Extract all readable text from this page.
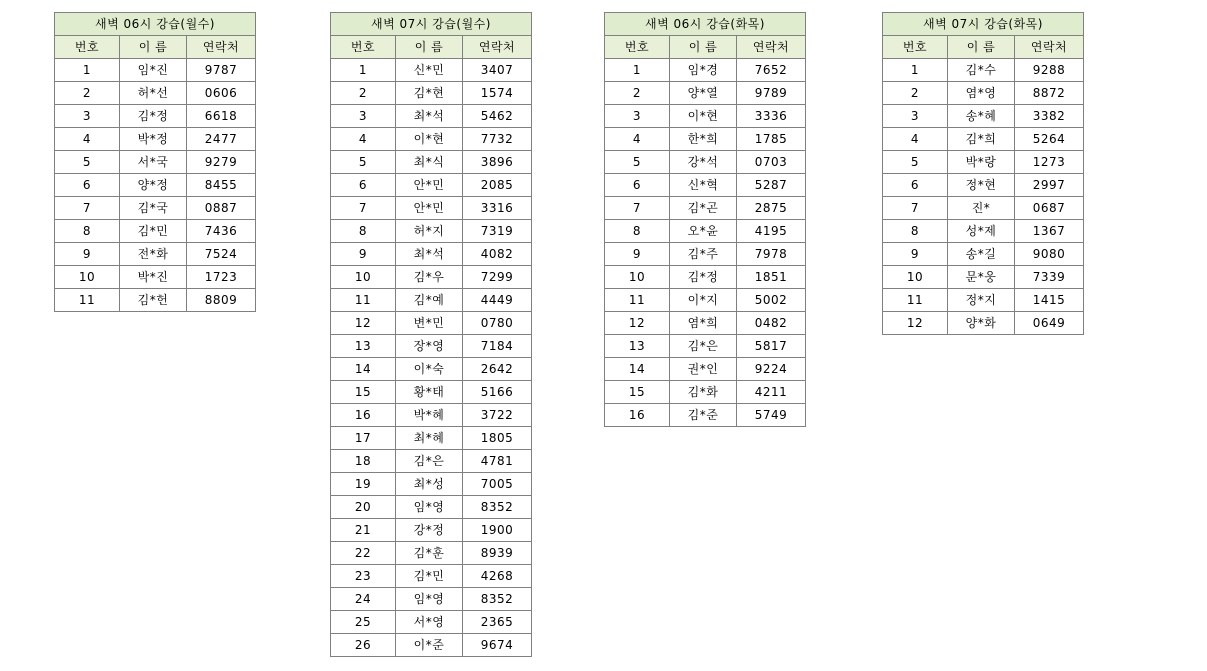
새벽 06시 강습(월수)		
번호	이 름	연락처
1	임*진	9787
2	허*선	0606
3	김*정	6618
4	박*정	2477
5	서*국	9279
6	양*정	8455
7	김*국	0887
8	김*민	7436
9	전*화	7524
10	박*진	1723
11	김*헌	8809
새벽 07시 강습(월수)		
번호	이 름	연락처
1	신*민	3407
2	김*현	1574
3	최*석	5462
4	이*현	7732
5	최*식	3896
6	안*민	2085
7	안*민	3316
8	허*지	7319
9	최*석	4082
10	김*우	7299
11	김*예	4449
12	변*민	0780
13	장*영	7184
14	이*숙	2642
15	황*태	5166
16	박*혜	3722
17	최*혜	1805
18	김*은	4781
19	최*성	7005
20	임*영	8352
21	강*정	1900
22	김*훈	8939
23	김*민	4268
24	임*영	8352
25	서*영	2365
26	이*준	9674
새벽 06시 강습(화목)		
번호	이 름	연락처
1	임*경	7652
2	양*열	9789
3	이*현	3336
4	한*희	1785
5	강*석	0703
6	신*혁	5287
7	김*곤	2875
8	오*윤	4195
9	김*주	7978
10	김*정	1851
11	이*지	5002
12	염*희	0482
13	김*은	5817
14	권*인	9224
15	김*화	4211
16	김*준	5749
새벽 07시 강습(화목)		
번호	이 름	연락처
1	김*수	9288
2	염*영	8872
3	송*혜	3382
4	김*희	5264
5	박*랑	1273
6	정*현	2997
7	진*	0687
8	성*제	1367
9	송*길	9080
10	문*웅	7339
11	정*지	1415
12	양*화	0649
